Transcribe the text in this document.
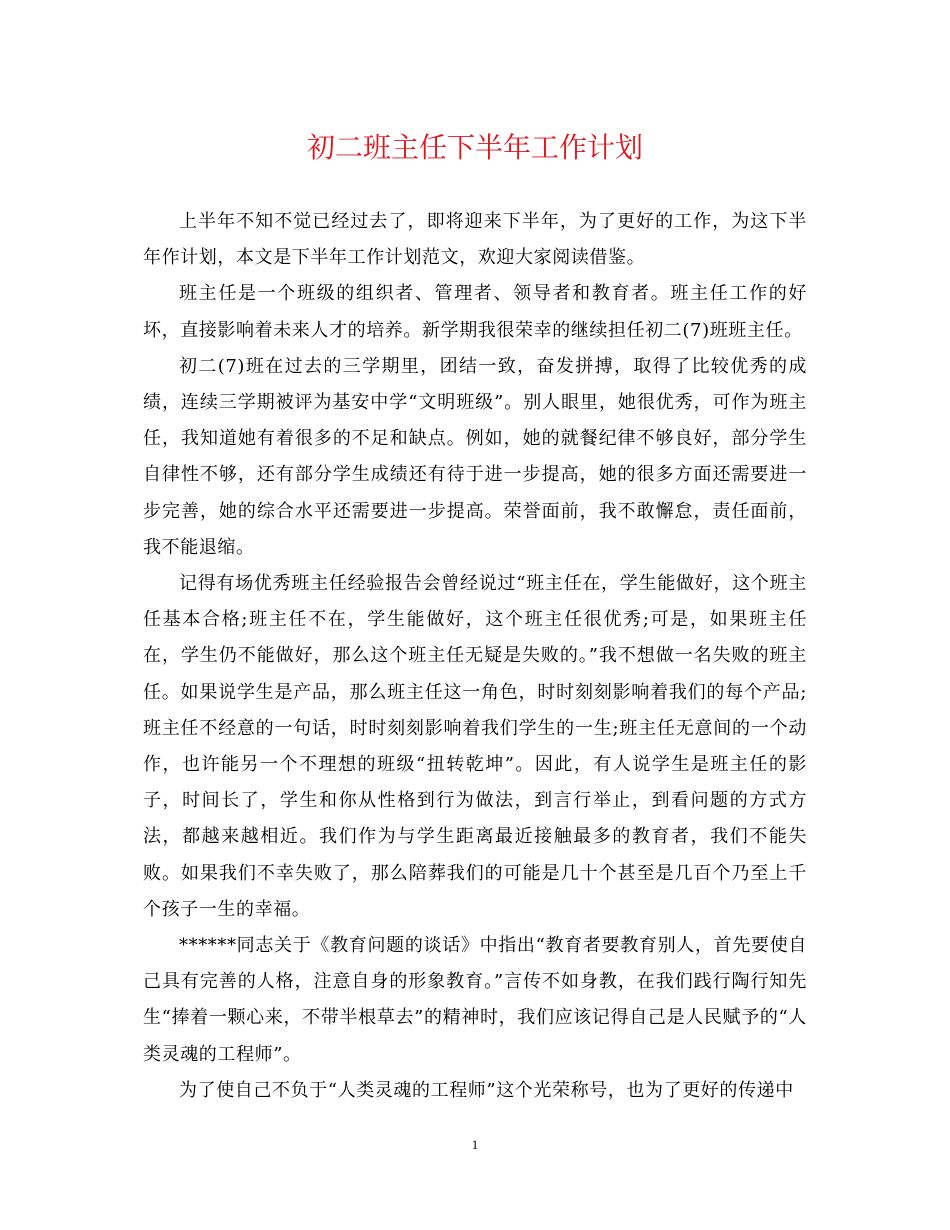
初二班主任下半年工作计划

上半年不知不觉已经过去了，即将迎来下半年，为了更好的工作，为这下半年作计划，本文是下半年工作计划范文，欢迎大家阅读借鉴。

班主任是一个班级的组织者、管理者、领导者和教育者。班主任工作的好坏，直接影响着未来人才的培养。新学期我很荣幸的继续担任初二(7)班班主任。

初二(7)班在过去的三学期里，团结一致，奋发拼搏，取得了比较优秀的成绩，连续三学期被评为基安中学“文明班级”。别人眼里，她很优秀，可作为班主任，我知道她有着很多的不足和缺点。例如，她的就餐纪律不够良好，部分学生自律性不够，还有部分学生成绩还有待于进一步提高，她的很多方面还需要进一步完善，她的综合水平还需要进一步提高。荣誉面前，我不敢懈怠，责任面前，我不能退缩。

记得有场优秀班主任经验报告会曾经说过“班主任在，学生能做好，这个班主任基本合格;班主任不在，学生能做好，这个班主任很优秀;可是，如果班主任在，学生仍不能做好，那么这个班主任无疑是失败的。”我不想做一名失败的班主任。如果说学生是产品，那么班主任这一角色，时时刻刻影响着我们的每个产品;班主任不经意的一句话，时时刻刻影响着我们学生的一生;班主任无意间的一个动作，也许能另一个不理想的班级“扭转乾坤”。因此，有人说学生是班主任的影子，时间长了，学生和你从性格到行为做法，到言行举止，到看问题的方式方法，都越来越相近。我们作为与学生距离最近接触最多的教育者，我们不能失败。如果我们不幸失败了，那么陪葬我们的可能是几十个甚至是几百个乃至上千个孩子一生的幸福。

******同志关于《教育问题的谈话》中指出“教育者要教育别人，首先要使自己具有完善的人格，注意自身的形象教育。”言传不如身教，在我们践行陶行知先生“捧着一颗心来，不带半根草去”的精神时，我们应该记得自己是人民赋予的“人类灵魂的工程师”。

为了使自己不负于“人类灵魂的工程师”这个光荣称号，也为了更好的传递中

1
